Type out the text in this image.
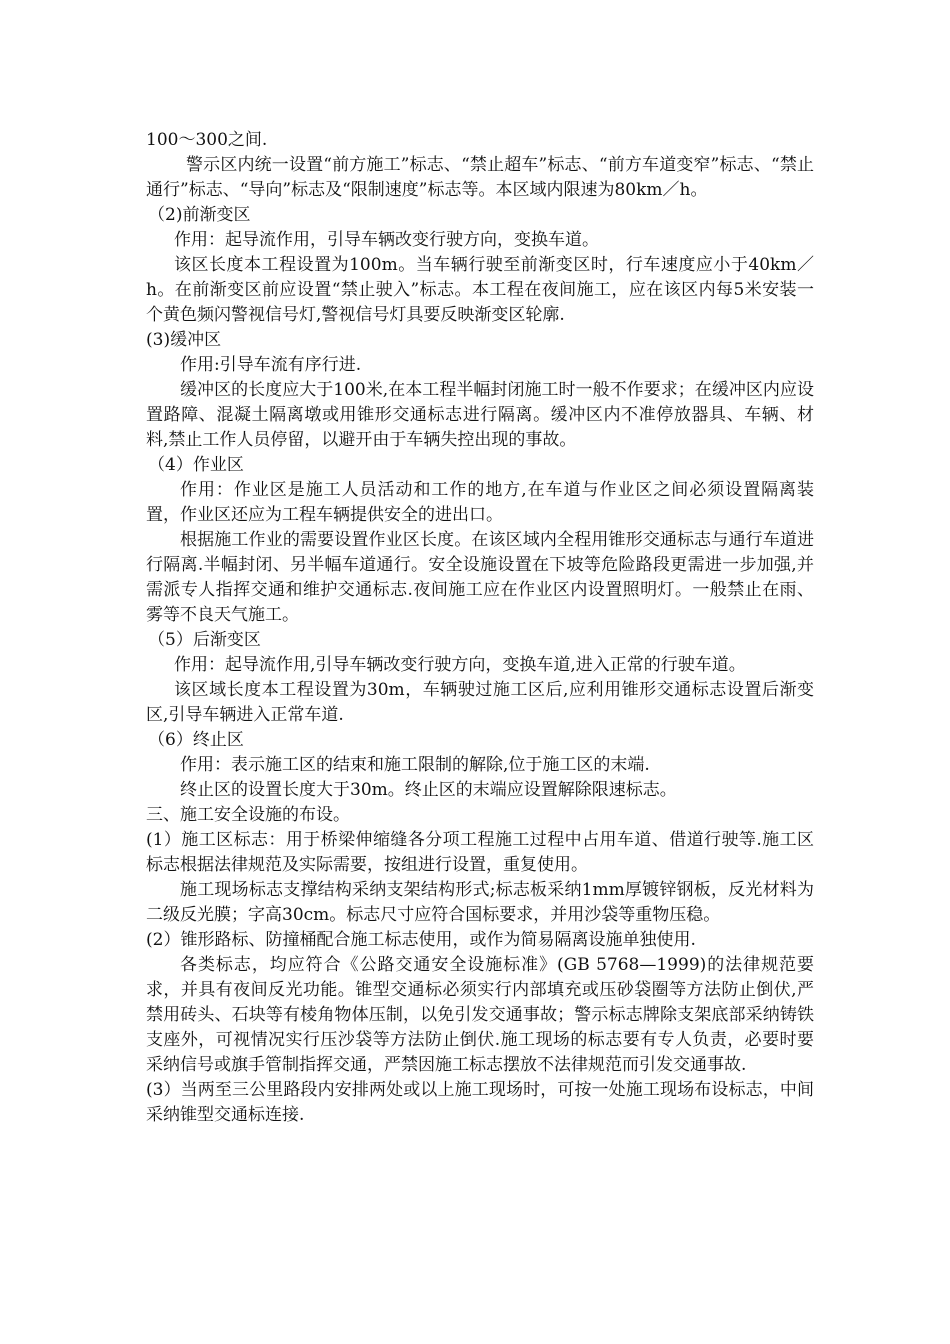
100～300之间.

警示区内统一设置“前方施工”标志、“禁止超车”标志、“前方车道变窄”标志、“禁止通行”标志、“导向”标志及“限制速度”标志等。本区域内限速为80km／h。

（2)前渐变区

作用：起导流作用，引导车辆改变行驶方向，变换车道。

该区长度本工程设置为100m。当车辆行驶至前渐变区时，行车速度应小于40km／h。在前渐变区前应设置“禁止驶入”标志。本工程在夜间施工，应在该区内每5米安装一个黄色频闪警视信号灯,警视信号灯具要反映渐变区轮廓.

(3)缓冲区

作用:引导车流有序行进.

缓冲区的长度应大于100米,在本工程半幅封闭施工时一般不作要求；在缓冲区内应设置路障、混凝土隔离墩或用锥形交通标志进行隔离。缓冲区内不准停放器具、车辆、材料,禁止工作人员停留，以避开由于车辆失控出现的事故。

（4）作业区

作用：作业区是施工人员活动和工作的地方,在车道与作业区之间必须设置隔离装置，作业区还应为工程车辆提供安全的进出口。

根据施工作业的需要设置作业区长度。在该区域内全程用锥形交通标志与通行车道进行隔离.半幅封闭、另半幅车道通行。安全设施设置在下坡等危险路段更需进一步加强,并需派专人指挥交通和维护交通标志.夜间施工应在作业区内设置照明灯。一般禁止在雨、雾等不良天气施工。

（5）后渐变区

作用：起导流作用,引导车辆改变行驶方向，变换车道,进入正常的行驶车道。

该区域长度本工程设置为30m，车辆驶过施工区后,应利用锥形交通标志设置后渐变区,引导车辆进入正常车道.

（6）终止区

作用：表示施工区的结束和施工限制的解除,位于施工区的末端.

终止区的设置长度大于30m。终止区的末端应设置解除限速标志。

三、施工安全设施的布设。

(1）施工区标志：用于桥梁伸缩缝各分项工程施工过程中占用车道、借道行驶等.施工区标志根据法律规范及实际需要，按组进行设置，重复使用。

施工现场标志支撑结构采纳支架结构形式;标志板采纳1mm厚镀锌钢板，反光材料为二级反光膜；字高30cm。标志尺寸应符合国标要求，并用沙袋等重物压稳。

(2）锥形路标、防撞桶配合施工标志使用，或作为简易隔离设施单独使用.

各类标志，均应符合《公路交通安全设施标准》(GB 5768—1999)的法律规范要求，并具有夜间反光功能。锥型交通标必须实行内部填充或压砂袋圈等方法防止倒伏,严禁用砖头、石块等有棱角物体压制，以免引发交通事故；警示标志牌除支架底部采纳铸铁支座外，可视情况实行压沙袋等方法防止倒伏.施工现场的标志要有专人负责，必要时要采纳信号或旗手管制指挥交通，严禁因施工标志摆放不法律规范而引发交通事故.

(3）当两至三公里路段内安排两处或以上施工现场时，可按一处施工现场布设标志，中间采纳锥型交通标连接.
